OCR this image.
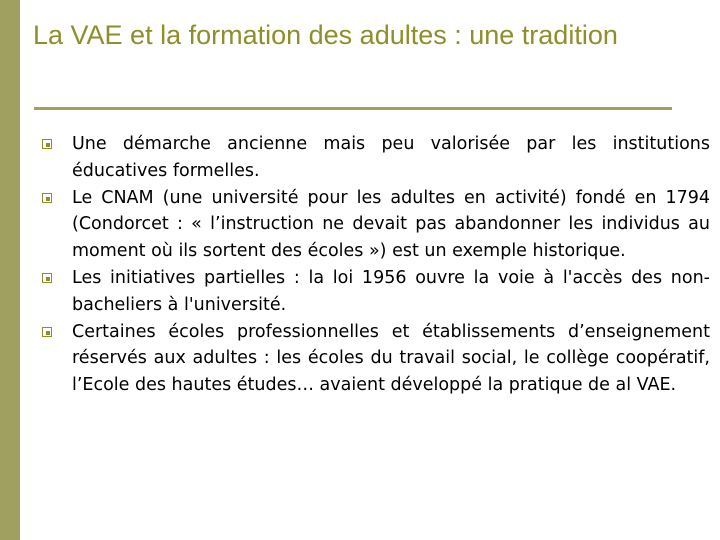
La VAE et la formation des adultes : une tradition
Une démarche ancienne mais peu valorisée par les institutions éducatives formelles.
Le CNAM (une université pour les adultes en activité) fondé en 1794 (Condorcet : « l’instruction ne devait pas abandonner les individus au moment où ils sortent des écoles ») est un exemple historique.
Les initiatives partielles : la loi 1956 ouvre la voie à l'accès des non-bacheliers à l'université.
Certaines écoles professionnelles et établissements d’enseignement réservés aux adultes : les écoles du travail social, le collège coopératif, l’Ecole des hautes études… avaient développé la pratique de al VAE.
